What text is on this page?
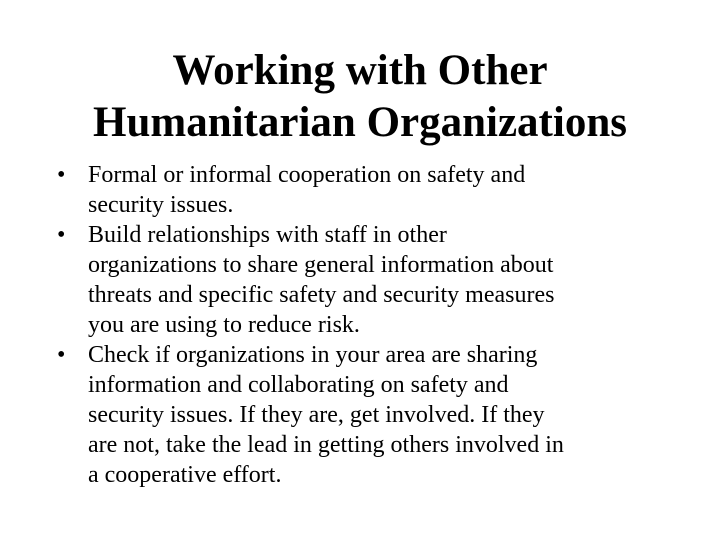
Working with Other
Humanitarian Organizations
• Formal or informal cooperation on safety and
security issues.
• Build relationships with staff in other
organizations to share general information about
threats and specific safety and security measures
you are using to reduce risk.
• Check if organizations in your area are sharing
information and collaborating on safety and
security issues. If they are, get involved. If they
are not, take the lead in getting others involved in
a cooperative effort.
